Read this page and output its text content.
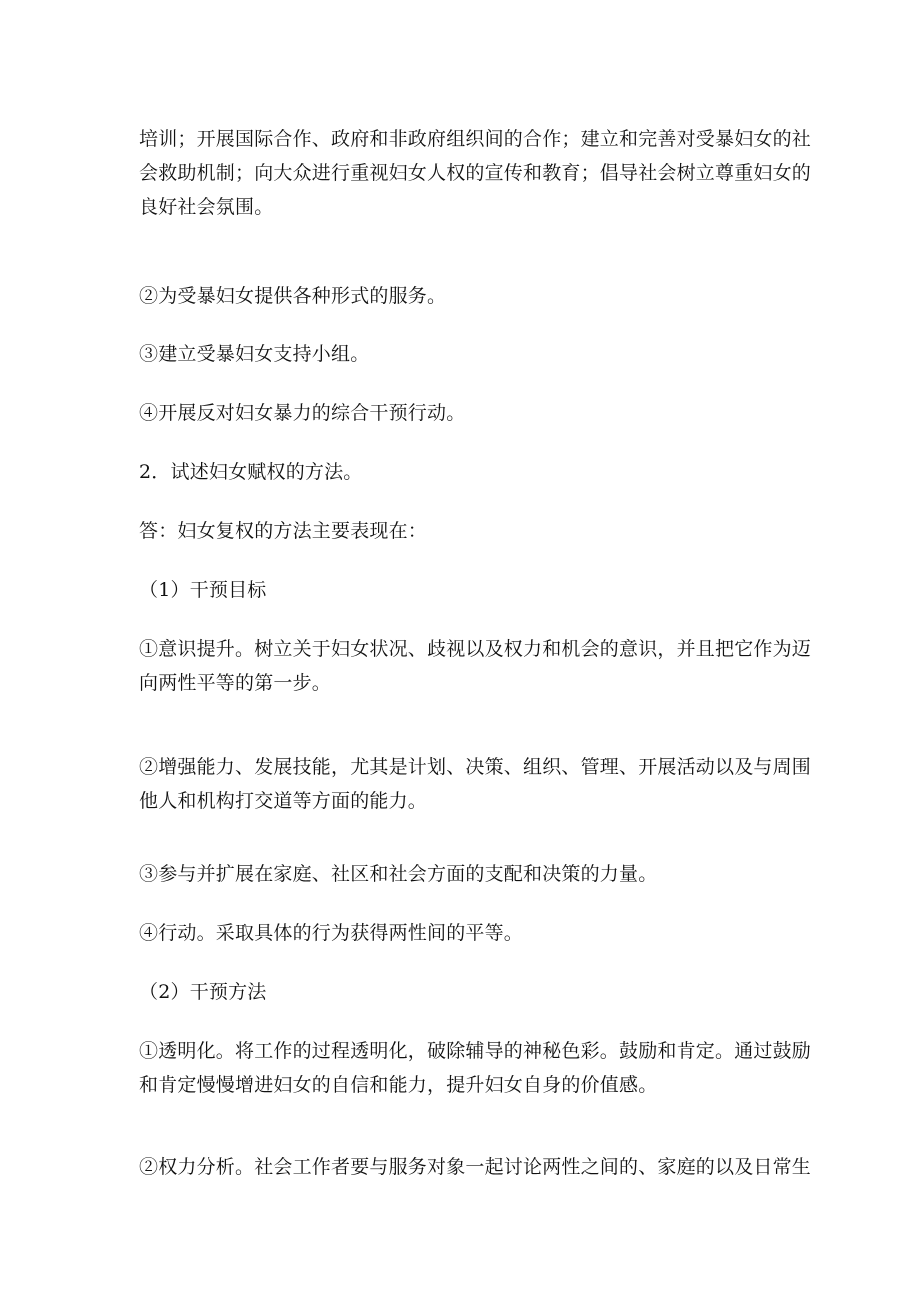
培训；开展国际合作、政府和非政府组织间的合作；建立和完善对受暴妇女的社
会救助机制；向大众进行重视妇女人权的宣传和教育；倡导社会树立尊重妇女的
良好社会氛围。
②为受暴妇女提供各种形式的服务。
③建立受暴妇女支持小组。
④开展反对妇女暴力的综合干预行动。
2．试述妇女赋权的方法。
答：妇女复权的方法主要表现在：
（1）干预目标
①意识提升。树立关于妇女状况、歧视以及权力和机会的意识，并且把它作为迈
向两性平等的第一步。
②增强能力、发展技能，尤其是计划、决策、组织、管理、开展活动以及与周围
他人和机构打交道等方面的能力。
③参与并扩展在家庭、社区和社会方面的支配和决策的力量。
④行动。采取具体的行为获得两性间的平等。
（2）干预方法
①透明化。将工作的过程透明化，破除辅导的神秘色彩。鼓励和肯定。通过鼓励
和肯定慢慢增进妇女的自信和能力，提升妇女自身的价值感。
②权力分析。社会工作者要与服务对象一起讨论两性之间的、家庭的以及日常生
